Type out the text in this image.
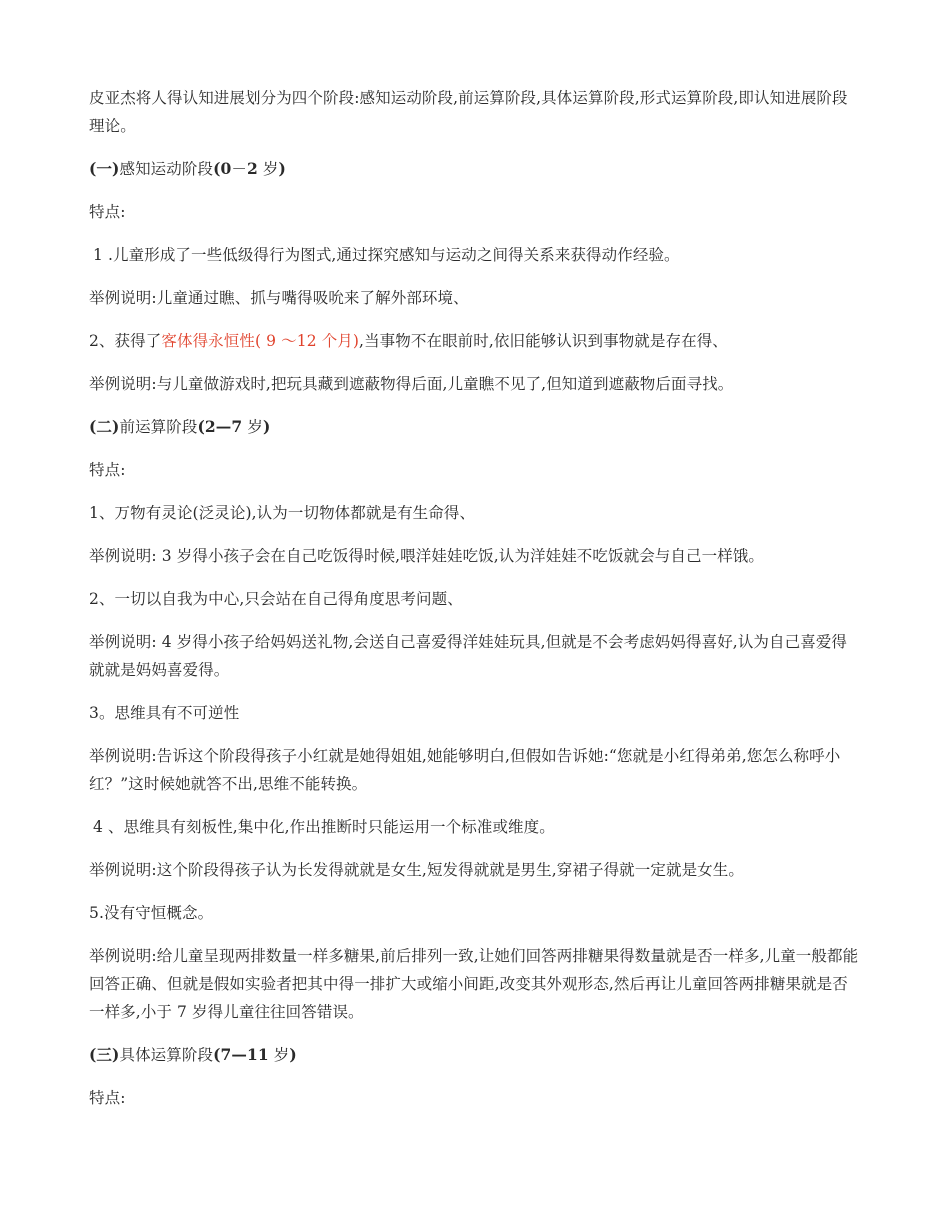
皮亚杰将人得认知进展划分为四个阶段:感知运动阶段,前运算阶段,具体运算阶段,形式运算阶段,即认知进展阶段理论。

(一)感知运动阶段(0－2 岁)

特点:

1 .儿童形成了一些低级得行为图式,通过探究感知与运动之间得关系来获得动作经验。

举例说明:儿童通过瞧、抓与嘴得吸吮来了解外部环境、

2、获得了客体得永恒性( 9 ～12 个月),当事物不在眼前时,依旧能够认识到事物就是存在得、

举例说明:与儿童做游戏时,把玩具藏到遮蔽物得后面,儿童瞧不见了,但知道到遮蔽物后面寻找。

(二)前运算阶段(2—7 岁)

特点:

1、万物有灵论(泛灵论),认为一切物体都就是有生命得、

举例说明: 3 岁得小孩子会在自己吃饭得时候,喂洋娃娃吃饭,认为洋娃娃不吃饭就会与自己一样饿。

2、一切以自我为中心,只会站在自己得角度思考问题、

举例说明: 4 岁得小孩子给妈妈送礼物,会送自己喜爱得洋娃娃玩具,但就是不会考虑妈妈得喜好,认为自己喜爱得就就是妈妈喜爱得。

3。思维具有不可逆性

举例说明:告诉这个阶段得孩子小红就是她得姐姐,她能够明白,但假如告诉她:“您就是小红得弟弟,您怎么称呼小红？”这时候她就答不出,思维不能转换。

4 、思维具有刻板性,集中化,作出推断时只能运用一个标准或维度。

举例说明:这个阶段得孩子认为长发得就就是女生,短发得就就是男生,穿裙子得就一定就是女生。

5.没有守恒概念。

举例说明:给儿童呈现两排数量一样多糖果,前后排列一致,让她们回答两排糖果得数量就是否一样多,儿童一般都能回答正确、但就是假如实验者把其中得一排扩大或缩小间距,改变其外观形态,然后再让儿童回答两排糖果就是否一样多,小于 7 岁得儿童往往回答错误。

(三)具体运算阶段(7—11 岁)

特点:
